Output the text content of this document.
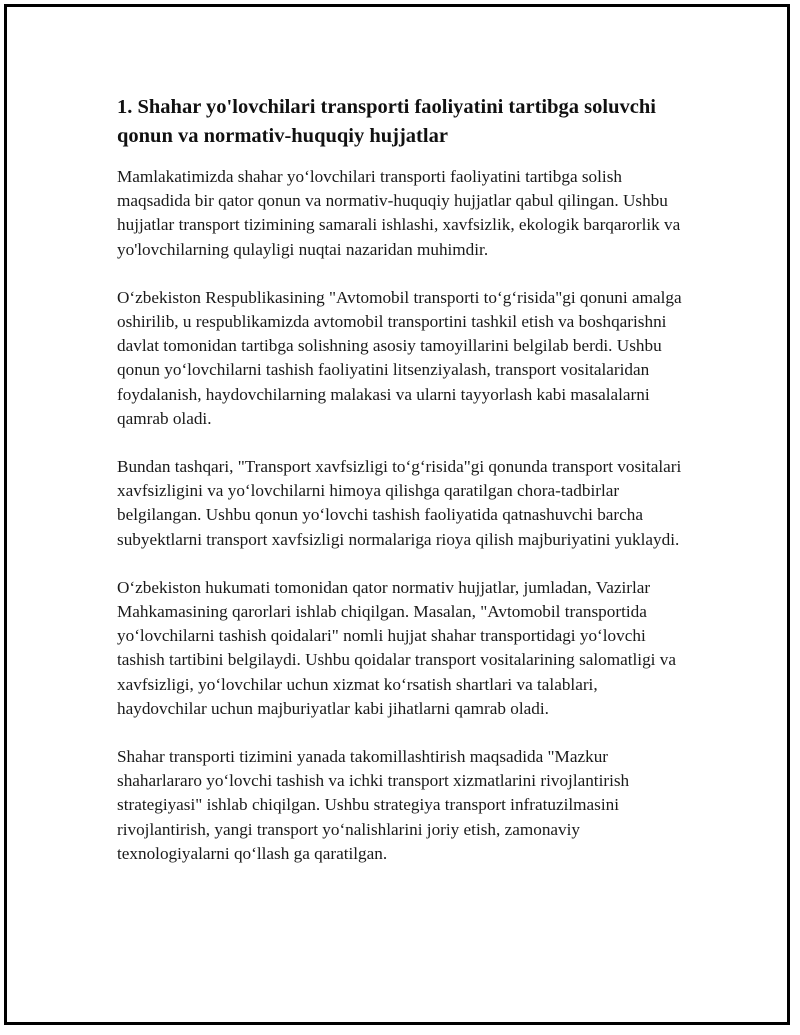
1. Shahar yo'lovchilari transporti faoliyatini tartibga soluvchi qonun va normativ-huquqiy hujjatlar

Mamlakatimizda shahar yo‘lovchilari transporti faoliyatini tartibga solish maqsadida bir qator qonun va normativ-huquqiy hujjatlar qabul qilingan. Ushbu hujjatlar transport tizimining samarali ishlashi, xavfsizlik, ekologik barqarorlik va yo'lovchilarning qulayligi nuqtai nazaridan muhimdir.

O‘zbekiston Respublikasining "Avtomobil transporti to‘g‘risida"gi qonuni amalga oshirilib, u respublikamizda avtomobil transportini tashkil etish va boshqarishni davlat tomonidan tartibga solishning asosiy tamoyillarini belgilab berdi. Ushbu qonun yo‘lovchilarni tashish faoliyatini litsenziyalash, transport vositalaridan foydalanish, haydovchilarning malakasi va ularni tayyorlash kabi masalalarni qamrab oladi.

Bundan tashqari, "Transport xavfsizligi to‘g‘risida"gi qonunda transport vositalari xavfsizligini va yo‘lovchilarni himoya qilishga qaratilgan chora-tadbirlar belgilangan. Ushbu qonun yo‘lovchi tashish faoliyatida qatnashuvchi barcha subyektlarni transport xavfsizligi normalariga rioya qilish majburiyatini yuklaydi.

O‘zbekiston hukumati tomonidan qator normativ hujjatlar, jumladan, Vazirlar Mahkamasining qarorlari ishlab chiqilgan. Masalan, "Avtomobil transportida yo‘lovchilarni tashish qoidalari" nomli hujjat shahar transportidagi yo‘lovchi tashish tartibini belgilaydi. Ushbu qoidalar transport vositalarining salomatligi va xavfsizligi, yo‘lovchilar uchun xizmat ko‘rsatish shartlari va talablari, haydovchilar uchun majburiyatlar kabi jihatlarni qamrab oladi.

Shahar transporti tizimini yanada takomillashtirish maqsadida "Mazkur shaharlararo yo‘lovchi tashish va ichki transport xizmatlarini rivojlantirish strategiyasi" ishlab chiqilgan. Ushbu strategiya transport infratuzilmasini rivojlantirish, yangi transport yo‘nalishlarini joriy etish, zamonaviy texnologiyalarni qo‘llash ga qaratilgan.
